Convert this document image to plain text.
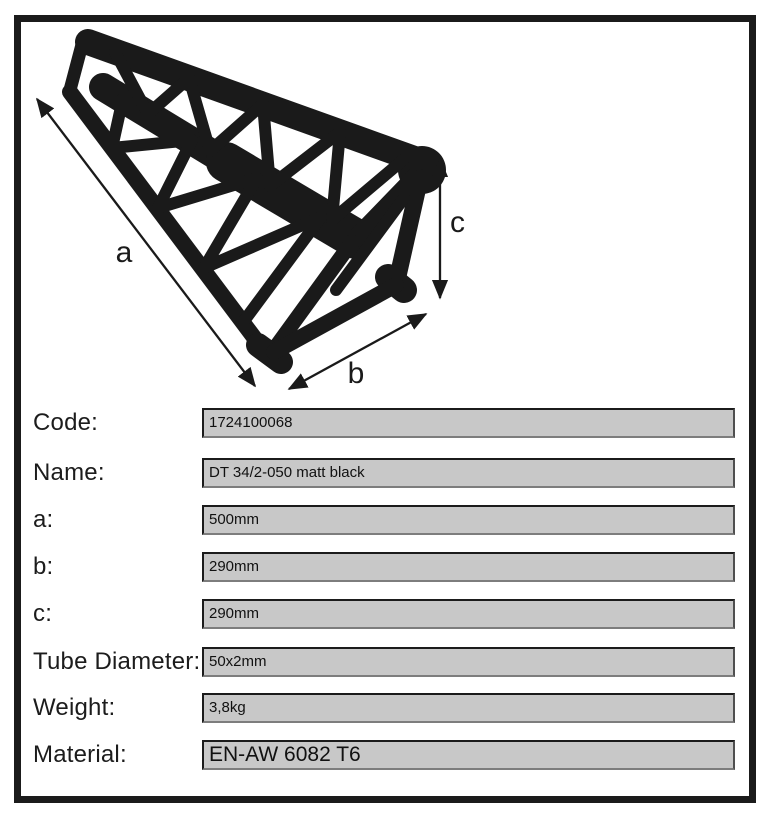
a
b
c
Code:	1724100068
Name:	DT 34/2-050 matt black
a:	500mm
b:	290mm
c:	290mm
Tube Diameter: 50x2mm
Weight:	3,8kg
Material:	EN-AW 6082 T6
